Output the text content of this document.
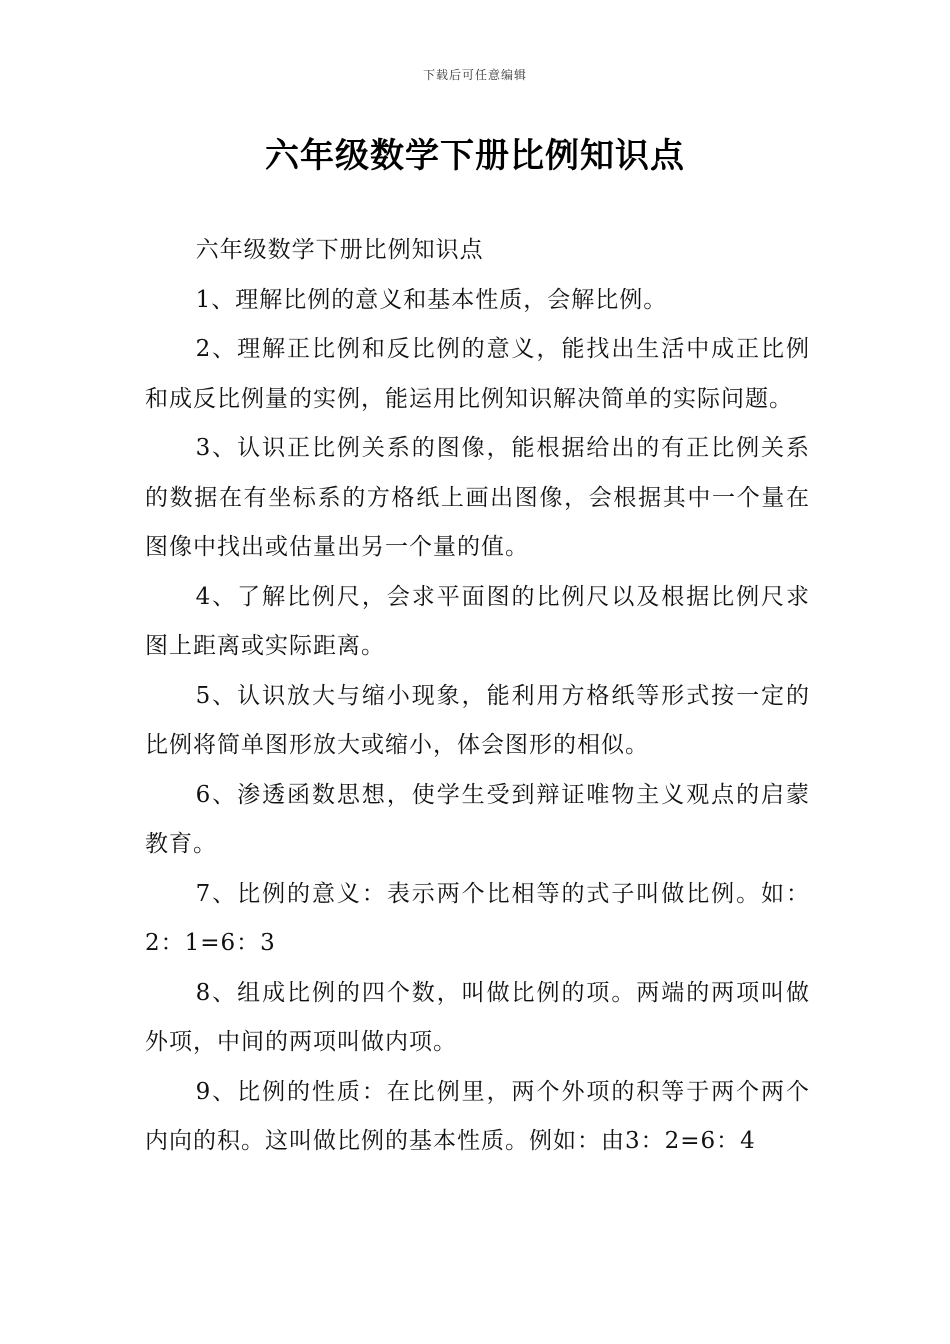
下载后可任意编辑
六年级数学下册比例知识点

六年级数学下册比例知识点

1、理解比例的意义和基本性质，会解比例。

2、理解正比例和反比例的意义，能找出生活中成正比例和成反比例量的实例，能运用比例知识解决简单的实际问题。

3、认识正比例关系的图像，能根据给出的有正比例关系的数据在有坐标系的方格纸上画出图像，会根据其中一个量在图像中找出或估量出另一个量的值。

4、了解比例尺，会求平面图的比例尺以及根据比例尺求图上距离或实际距离。

5、认识放大与缩小现象，能利用方格纸等形式按一定的比例将简单图形放大或缩小，体会图形的相似。

6、渗透函数思想，使学生受到辩证唯物主义观点的启蒙教育。

7、比例的意义：表示两个比相等的式子叫做比例。如：2：1=6：3

8、组成比例的四个数，叫做比例的项。两端的两项叫做外项，中间的两项叫做内项。

9、比例的性质：在比例里，两个外项的积等于两个两个内向的积。这叫做比例的基本性质。例如：由3：2=6：4
